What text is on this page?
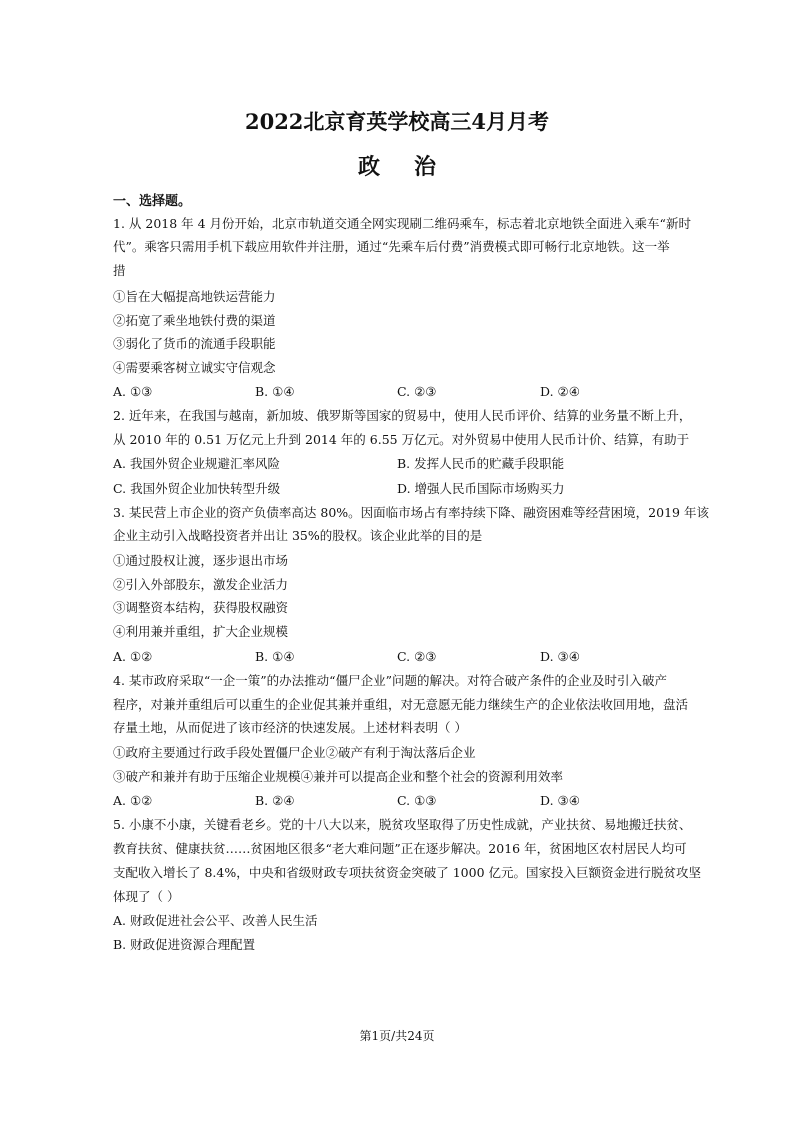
2022北京育英学校高三4月月考
政治
一、选择题。
1. 从 2018 年 4 月份开始，北京市轨道交通全网实现刷二维码乘车，标志着北京地铁全面进入乘车“新时
代”。乘客只需用手机下载应用软件并注册，通过“先乘车后付费”消费模式即可畅行北京地铁。这一举
措
①旨在大幅提高地铁运营能力
②拓宽了乘坐地铁付费的渠道
③弱化了货币的流通手段职能
④需要乘客树立诚实守信观念
A. ①③	B. ①④	C. ②③	D. ②④
2. 近年来，在我国与越南，新加坡、俄罗斯等国家的贸易中，使用人民币评价、结算的业务量不断上升，
从 2010 年的 0.51 万亿元上升到 2014 年的 6.55 万亿元。对外贸易中使用人民币计价、结算，有助于
A. 我国外贸企业规避汇率风险	B. 发挥人民币的贮藏手段职能
C. 我国外贸企业加快转型升级	D. 增强人民币国际市场购买力
3. 某民营上市企业的资产负债率高达 80%。因面临市场占有率持续下降、融资困难等经营困境，2019 年该
企业主动引入战略投资者并出让 35%的股权。该企业此举的目的是
①通过股权让渡，逐步退出市场
②引入外部股东，激发企业活力
③调整资本结构，获得股权融资
④利用兼并重组，扩大企业规模
A. ①②	B. ①④	C. ②③	D. ③④
4. 某市政府采取“一企一策”的办法推动“僵尸企业”问题的解决。对符合破产条件的企业及时引入破产
程序，对兼并重组后可以重生的企业促其兼并重组，对无意愿无能力继续生产的企业依法收回用地，盘活
存量土地，从而促进了该市经济的快速发展。上述材料表明（ ）
①政府主要通过行政手段处置僵尸企业②破产有利于淘汰落后企业
③破产和兼并有助于压缩企业规模④兼并可以提高企业和整个社会的资源利用效率
A. ①②	B. ②④	C. ①③	D. ③④
5. 小康不小康，关键看老乡。党的十八大以来，脱贫攻坚取得了历史性成就，产业扶贫、易地搬迁扶贫、
教育扶贫、健康扶贫……贫困地区很多“老大难问题”正在逐步解决。2016 年，贫困地区农村居民人均可
支配收入增长了 8.4%，中央和省级财政专项扶贫资金突破了 1000 亿元。国家投入巨额资金进行脱贫攻坚
体现了（ ）
A. 财政促进社会公平、改善人民生活
B. 财政促进资源合理配置
第1页/共24页
